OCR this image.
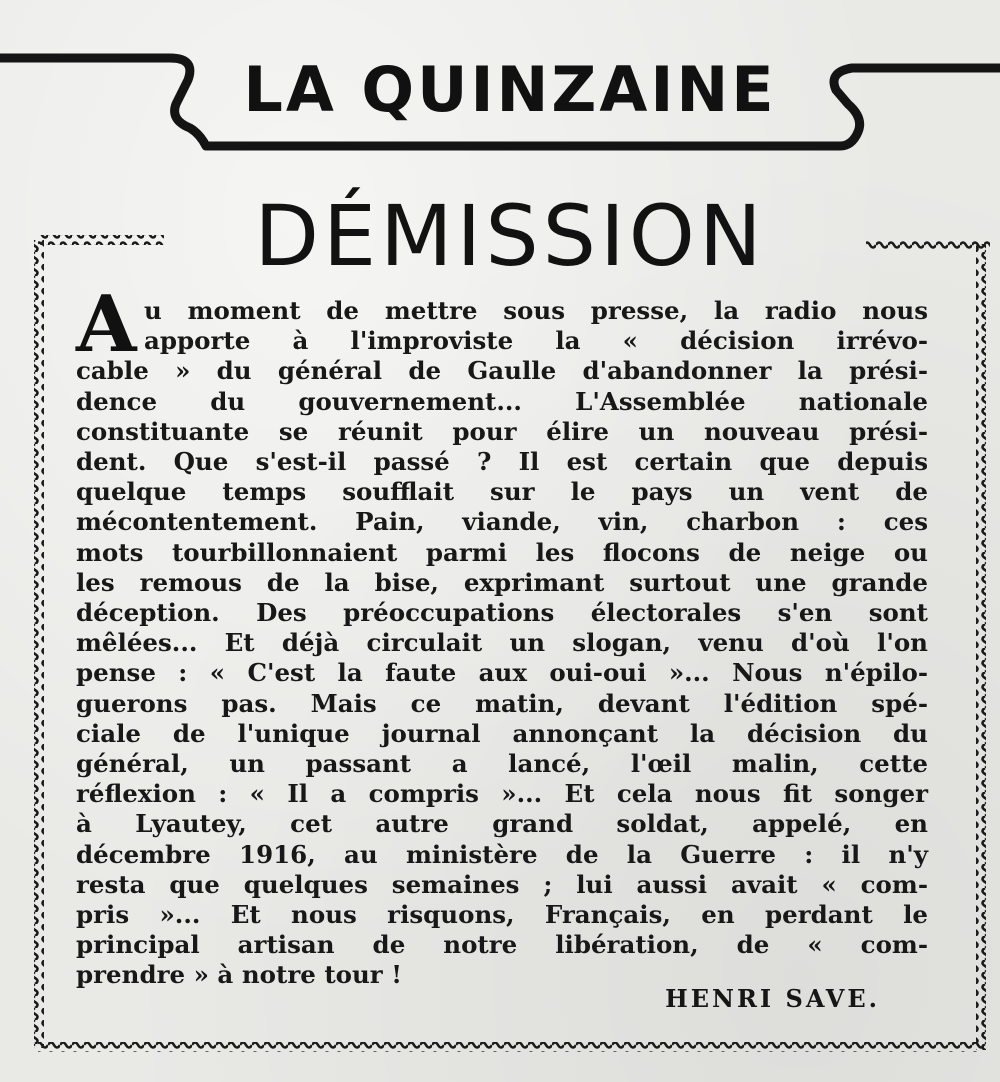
LA QUINZAINE
DÉMISSION
A u moment de mettre sous presse, la radio nous
apporte à l'improviste la « décision irrévo-
cable » du général de Gaulle d'abandonner la prési-
dence du gouvernement... L'Assemblée nationale
constituante se réunit pour élire un nouveau prési-
dent. Que s'est-il passé ? Il est certain que depuis
quelque temps soufflait sur le pays un vent de
mécontentement. Pain, viande, vin, charbon : ces
mots tourbillonnaient parmi les flocons de neige ou
les remous de la bise, exprimant surtout une grande
déception. Des préoccupations électorales s'en sont
mêlées... Et déjà circulait un slogan, venu d'où l'on
pense : « C'est la faute aux oui-oui »... Nous n'épilo-
guerons pas. Mais ce matin, devant l'édition spé-
ciale de l'unique journal annonçant la décision du
général, un passant a lancé, l'œil malin, cette
réflexion : « Il a compris »... Et cela nous fit songer
à Lyautey, cet autre grand soldat, appelé, en
décembre 1916, au ministère de la Guerre : il n'y
resta que quelques semaines ; lui aussi avait « com-
pris »... Et nous risquons, Français, en perdant le
principal artisan de notre libération, de « com-
prendre » à notre tour !
HENRI SAVE.
